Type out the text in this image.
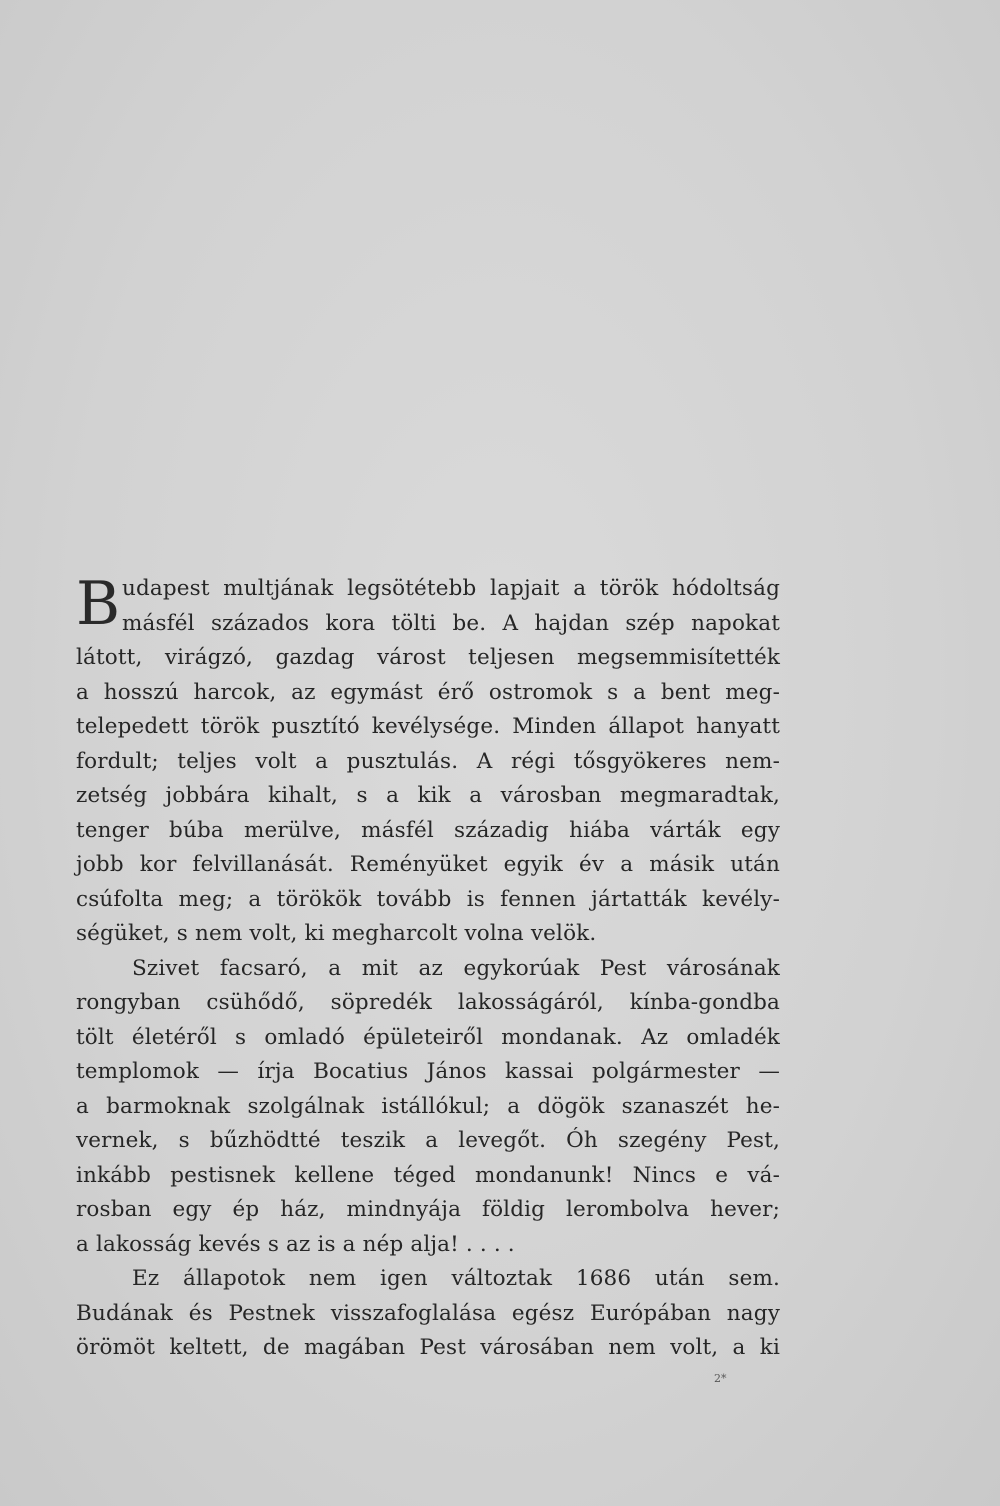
B udapest multjának legsötétebb lapjait a török hódoltság
másfél százados kora tölti be. A hajdan szép napokat
látott, virágzó, gazdag várost teljesen megsemmisítették
a hosszú harcok, az egymást érő ostromok s a bent meg-
telepedett török pusztító kevélysége. Minden állapot hanyatt
fordult; teljes volt a pusztulás. A régi tősgyökeres nem-
zetség jobbára kihalt, s a kik a városban megmaradtak,
tenger búba merülve, másfél századig hiába várták egy
jobb kor felvillanását. Reményüket egyik év a másik után
csúfolta meg; a törökök tovább is fennen jártatták kevély-
ségüket, s nem volt, ki megharcolt volna velök.
Szivet facsaró, a mit az egykorúak Pest városának
rongyban csühődő, söpredék lakosságáról, kínba-gondba
tölt életéről s omladó épületeiről mondanak. Az omladék
templomok — írja Bocatius János kassai polgármester —
a barmoknak szolgálnak istállókul; a dögök szanaszét he-
vernek, s bűzhödtté teszik a levegőt. Óh szegény Pest,
inkább pestisnek kellene téged mondanunk! Nincs e vá-
rosban egy ép ház, mindnyája földig lerombolva hever;
a lakosság kevés s az is a nép alja! . . . .
Ez állapotok nem igen változtak 1686 után sem.
Budának és Pestnek visszafoglalása egész Európában nagy
örömöt keltett, de magában Pest városában nem volt, a ki
2*
